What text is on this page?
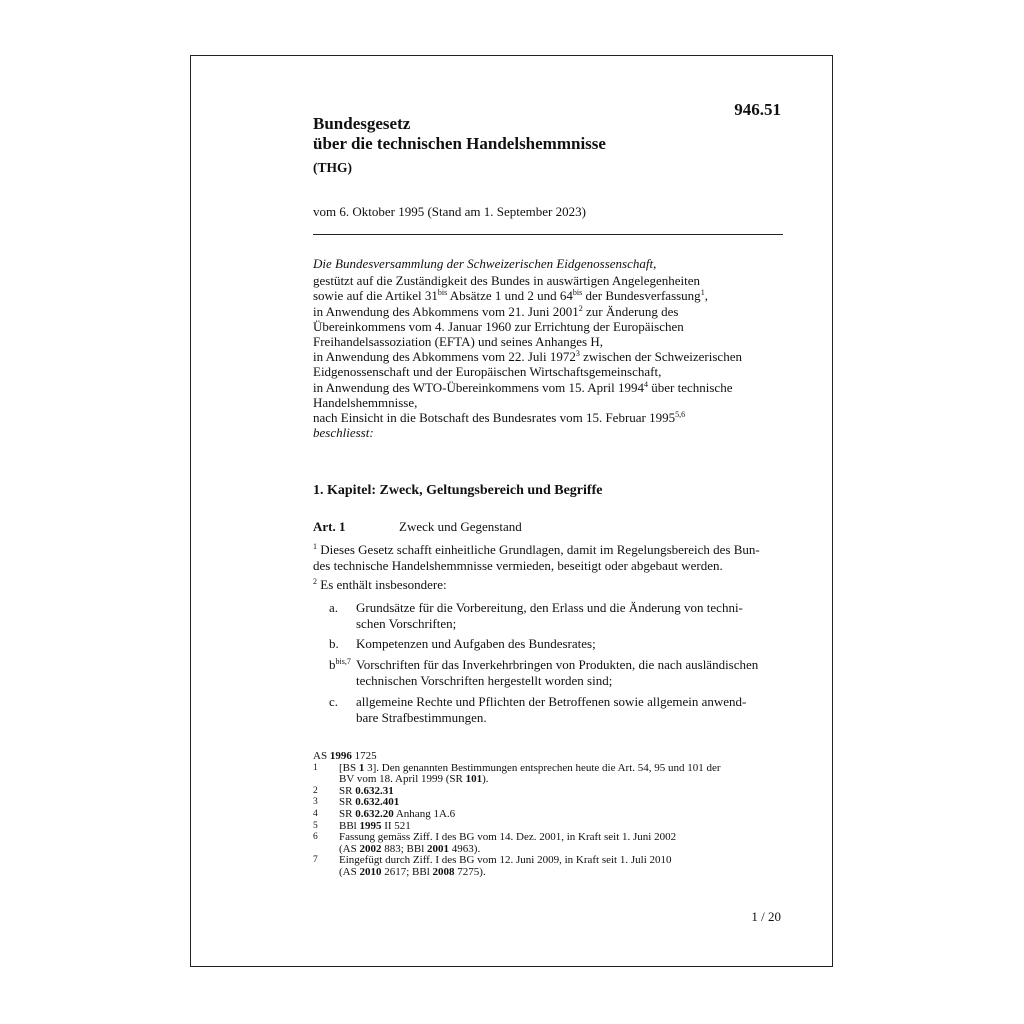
Bundesgesetz
über die technischen Handelshemmnisse
(THG)
946.51
vom 6. Oktober 1995 (Stand am 1. September 2023)
Die Bundesversammlung der Schweizerischen Eidgenossenschaft,
gestützt auf die Zuständigkeit des Bundes in auswärtigen Angelegenheiten
sowie auf die Artikel $31^{bis}$ Absätze 1 und 2 und $64^{bis}$ der Bundesverfassung$^1$,
in Anwendung des Abkommens vom 21. Juni 2001$^2$ zur Änderung des
Übereinkommens vom 4. Januar 1960 zur Errichtung der Europäischen
Freihandelsassoziation (EFTA) und seines Anhanges H,
in Anwendung des Abkommens vom 22. Juli 1972$^3$ zwischen der Schweizerischen
Eidgenossenschaft und der Europäischen Wirtschaftsgemeinschaft,
in Anwendung des WTO-Übereinkommens vom 15. April 1994$^4$ über technische
Handelshemmnisse,
nach Einsicht in die Botschaft des Bundesrates vom 15. Februar 1995$^{5,6}$
beschliesst:
1. Kapitel: Zweck, Geltungsbereich und Begriffe
Art. 1	Zweck und Gegenstand
$^1$ Dieses Gesetz schafft einheitliche Grundlagen, damit im Regelungsbereich des Bun-
des technische Handelshemmnisse vermieden, beseitigt oder abgebaut werden.
$^2$ Es enthält insbesondere:
a. Grundsätze für die Vorbereitung, den Erlass und die Änderung von techni-
schen Vorschriften;
b. Kompetenzen und Aufgaben des Bundesrates;
$b^{bis,7}$ Vorschriften für das Inverkehrbringen von Produkten, die nach ausländischen
technischen Vorschriften hergestellt worden sind;
c. allgemeine Rechte und Pflichten der Betroffenen sowie allgemein anwend-
bare Strafbestimmungen.
AS 1996 1725
1 [BS 1 3]. Den genannten Bestimmungen entsprechen heute die Art. 54, 95 und 101 der
BV vom 18. April 1999 (SR 101).
2 SR 0.632.31
3 SR 0.632.401
4 SR 0.632.20 Anhang 1A.6
5 BBl 1995 II 521
6 Fassung gemäss Ziff. I des BG vom 14. Dez. 2001, in Kraft seit 1. Juni 2002
(AS 2002 883; BBl 2001 4963).
7 Eingefügt durch Ziff. I des BG vom 12. Juni 2009, in Kraft seit 1. Juli 2010
(AS 2010 2617; BBl 2008 7275).
1 / 20
